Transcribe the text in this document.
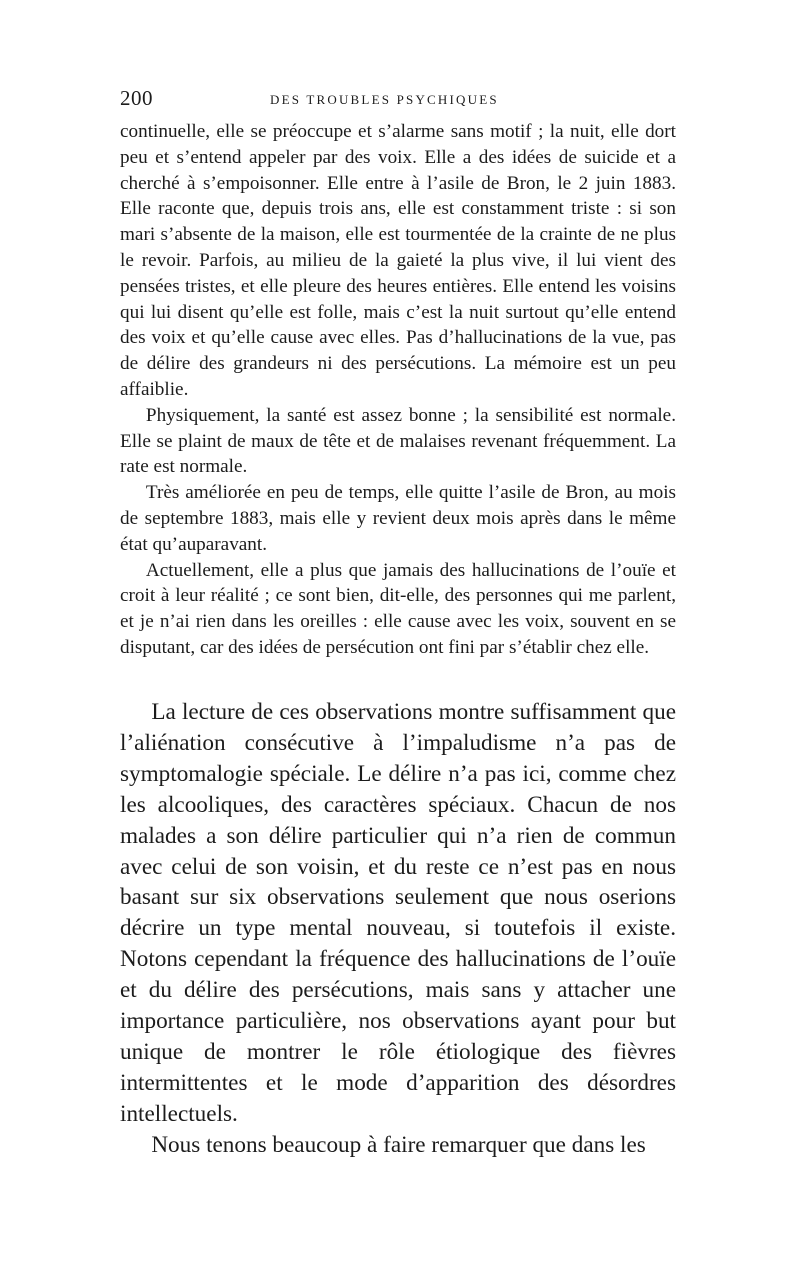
200	DES TROUBLES PSYCHIQUES

continuelle, elle se préoccupe et s’alarme sans motif ; la nuit, elle dort peu et s’entend appeler par des voix. Elle a des idées de suicide et a cherché à s’empoisonner. Elle entre à l’asile de Bron, le 2 juin 1883. Elle raconte que, depuis trois ans, elle est constamment triste : si son mari s’absente de la maison, elle est tourmentée de la crainte de ne plus le revoir. Parfois, au milieu de la gaieté la plus vive, il lui vient des pensées tristes, et elle pleure des heures entières. Elle entend les voisins qui lui disent qu’elle est folle, mais c’est la nuit surtout qu’elle entend des voix et qu’elle cause avec elles. Pas d’hallucinations de la vue, pas de délire des grandeurs ni des persécutions. La mémoire est un peu affaiblie.

Physiquement, la santé est assez bonne ; la sensibilité est normale. Elle se plaint de maux de tête et de malaises revenant fréquemment. La rate est normale.

Très améliorée en peu de temps, elle quitte l’asile de Bron, au mois de septembre 1883, mais elle y revient deux mois après dans le même état qu’auparavant.

Actuellement, elle a plus que jamais des hallucinations de l’ouïe et croit à leur réalité ; ce sont bien, dit-elle, des personnes qui me parlent, et je n’ai rien dans les oreilles : elle cause avec les voix, souvent en se disputant, car des idées de persécution ont fini par s’établir chez elle.

La lecture de ces observations montre suffisamment que l’aliénation consécutive à l’impaludisme n’a pas de symptomalogie spéciale. Le délire n’a pas ici, comme chez les alcooliques, des caractères spéciaux. Chacun de nos malades a son délire particulier qui n’a rien de commun avec celui de son voisin, et du reste ce n’est pas en nous basant sur six observations seulement que nous oserions décrire un type mental nouveau, si toutefois il existe. Notons cependant la fréquence des hallucinations de l’ouïe et du délire des persécutions, mais sans y attacher une importance particulière, nos observations ayant pour but unique de montrer le rôle étiologique des fièvres intermittentes et le mode d’apparition des désordres intellectuels.

Nous tenons beaucoup à faire remarquer que dans les
